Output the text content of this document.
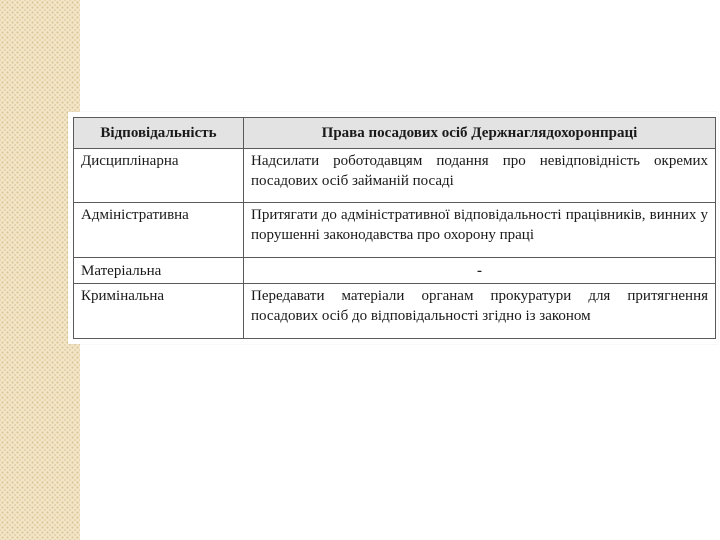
Відповідальність	Права посадових осіб Держнаглядохоронпраці
Дисциплінарна	Надсилати роботодавцям подання про невідповідність окремих посадових осіб займаній посаді
Адміністративна	Притягати до адміністративної відповідальності працівників, винних у порушенні законодавства про охорону праці
Матеріальна	-
Кримінальна	Передавати матеріали органам прокуратури для притягнення посадових осіб до відповідальності згідно із законом
